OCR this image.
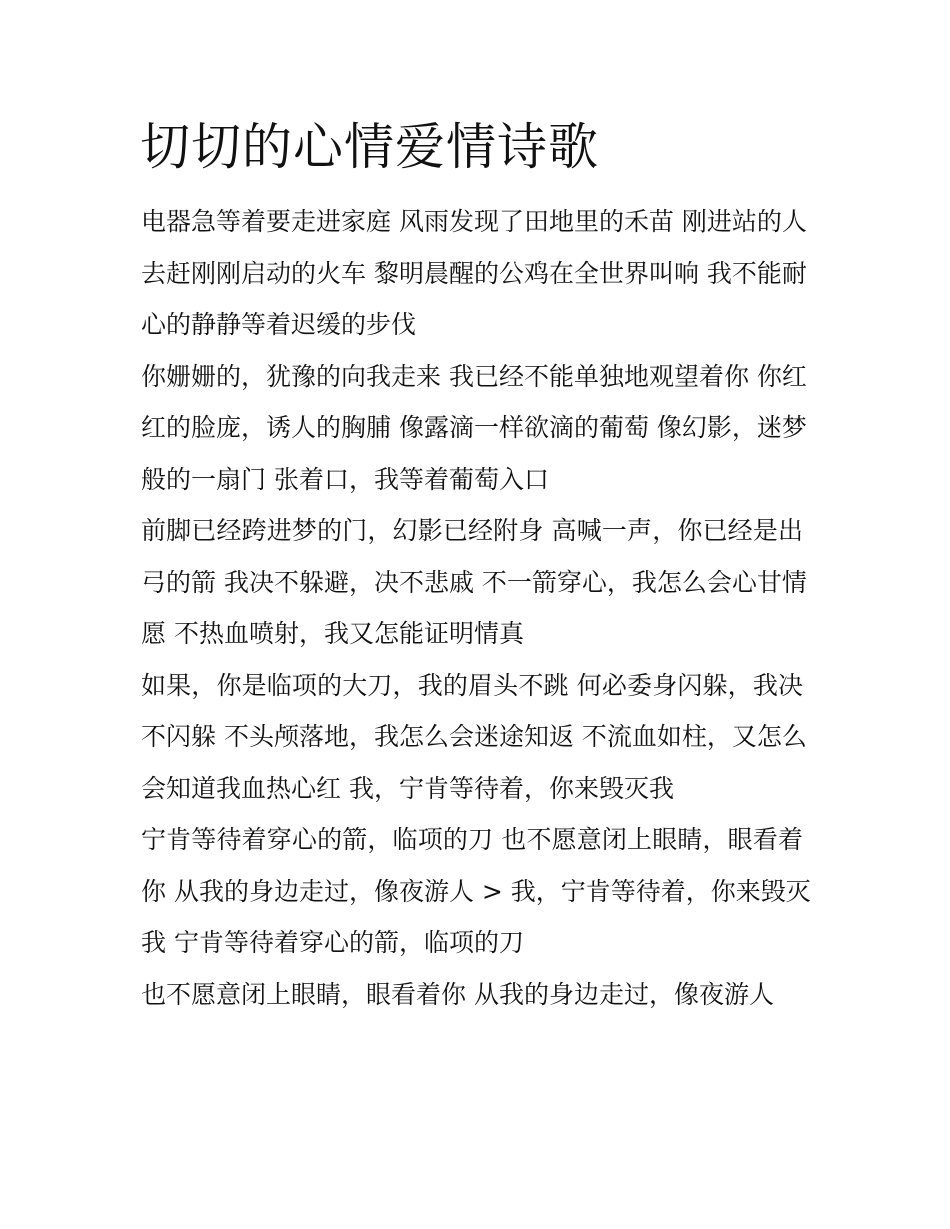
切切的心情爱情诗歌

电器急等着要走进家庭 风雨发现了田地里的禾苗 刚进站的人
去赶刚刚启动的火车 黎明晨醒的公鸡在全世界叫响 我不能耐
心的静静等着迟缓的步伐

你姗姗的，犹豫的向我走来 我已经不能单独地观望着你 你红
红的脸庞，诱人的胸脯 像露滴一样欲滴的葡萄 像幻影，迷梦
般的一扇门 张着口，我等着葡萄入口

前脚已经跨进梦的门，幻影已经附身 高喊一声，你已经是出
弓的箭 我决不躲避，决不悲戚 不一箭穿心，我怎么会心甘情
愿 不热血喷射，我又怎能证明情真

如果，你是临项的大刀，我的眉头不跳 何必委身闪躲，我决
不闪躲 不头颅落地，我怎么会迷途知返 不流血如柱，又怎么
会知道我血热心红 我，宁肯等待着，你来毁灭我

宁肯等待着穿心的箭，临项的刀 也不愿意闭上眼睛，眼看着
你 从我的身边走过，像夜游人 > 我，宁肯等待着，你来毁灭
我 宁肯等待着穿心的箭，临项的刀

也不愿意闭上眼睛，眼看着你 从我的身边走过，像夜游人
